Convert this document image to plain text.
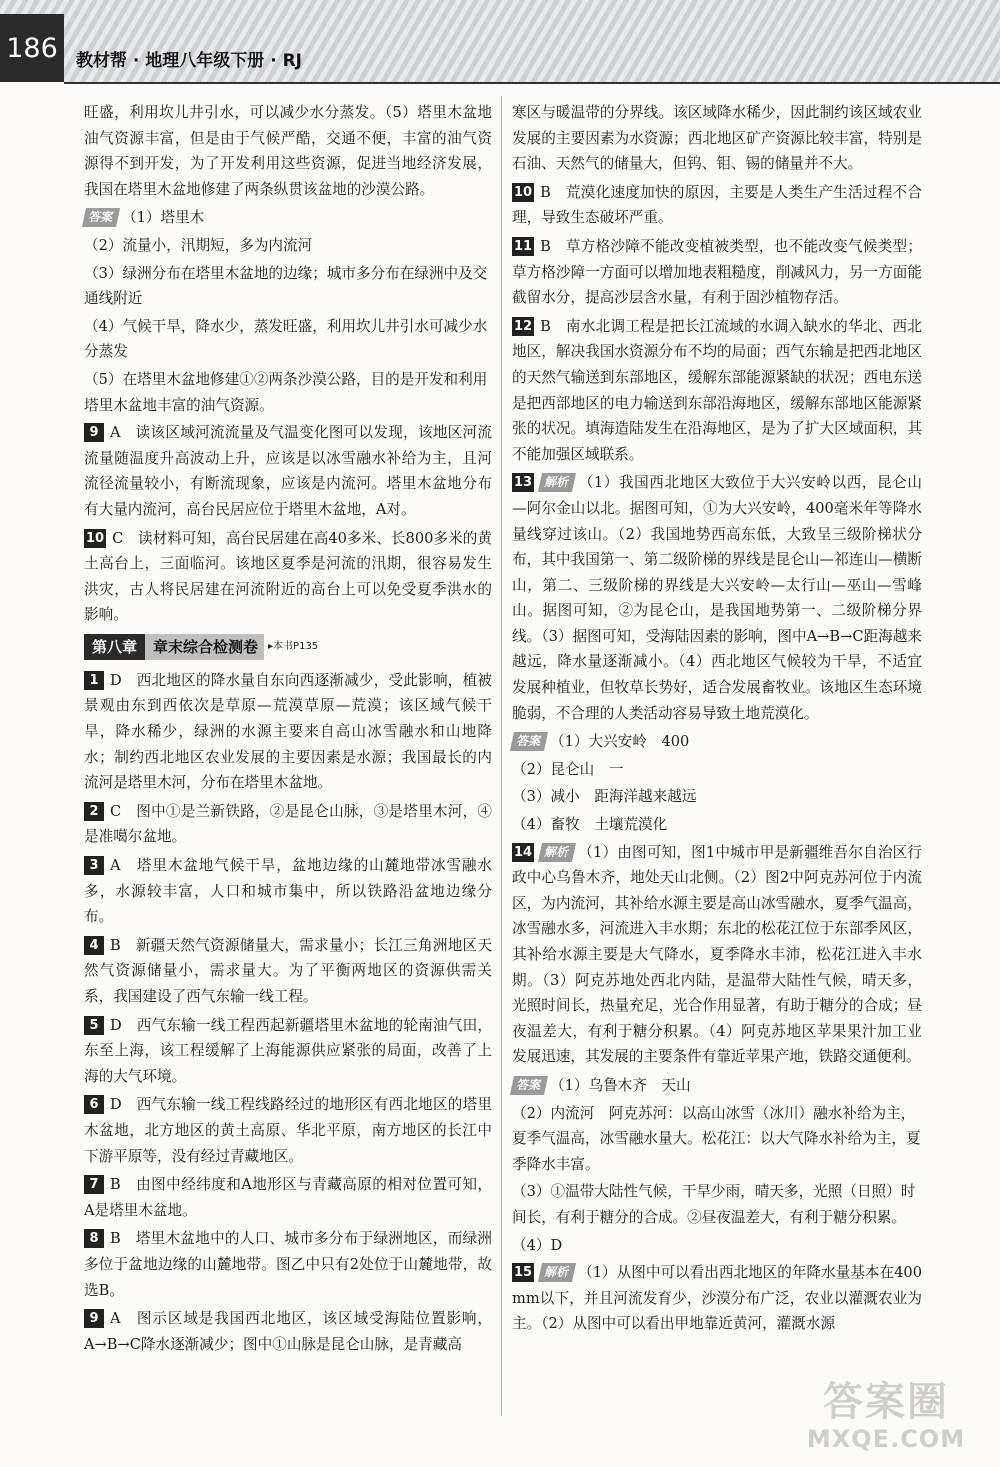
186	教材帮 · 地理八年级下册 · RJ

旺盛，利用坎儿井引水，可以减少水分蒸发。（5）塔里木盆地油气资源丰富，但是由于气候严酷，交通不便，丰富的油气资源得不到开发，为了开发利用这些资源，促进当地经济发展，我国在塔里木盆地修建了两条纵贯该盆地的沙漠公路。

答案 （1）塔里木

（2）流量小，汛期短，多为内流河

（3）绿洲分布在塔里木盆地的边缘；城市多分布在绿洲中及交通线附近

（4）气候干旱，降水少，蒸发旺盛，利用坎儿井引水可减少水分蒸发

（5）在塔里木盆地修建①②两条沙漠公路，目的是开发和利用塔里木盆地丰富的油气资源。

9 A　读该区域河流流量及气温变化图可以发现，该地区河流流量随温度升高波动上升，应该是以冰雪融水补给为主，且河流径流量较小，有断流现象，应该是内流河。塔里木盆地分布有大量内流河，高台民居应位于塔里木盆地，A对。

10 C　读材料可知，高台民居建在高40多米、长800多米的黄土高台上，三面临河。该地区夏季是河流的汛期，很容易发生洪灾，古人将民居建在河流附近的高台上可以免受夏季洪水的影响。

第八章	章末综合检测卷	▸本书P135

1 D　西北地区的降水量自东向西逐渐减少，受此影响，植被景观由东到西依次是草原—荒漠草原—荒漠；该区域气候干旱，降水稀少，绿洲的水源主要来自高山冰雪融水和山地降水；制约西北地区农业发展的主要因素是水源；我国最长的内流河是塔里木河，分布在塔里木盆地。

2 C　图中①是兰新铁路，②是昆仑山脉，③是塔里木河，④是准噶尔盆地。

3 A　塔里木盆地气候干旱，盆地边缘的山麓地带冰雪融水多，水源较丰富，人口和城市集中，所以铁路沿盆地边缘分布。

4 B　新疆天然气资源储量大，需求量小；长江三角洲地区天然气资源储量小，需求量大。为了平衡两地区的资源供需关系，我国建设了西气东输一线工程。

5 D　西气东输一线工程西起新疆塔里木盆地的轮南油气田，东至上海，该工程缓解了上海能源供应紧张的局面，改善了上海的大气环境。

6 D　西气东输一线工程线路经过的地形区有西北地区的塔里木盆地，北方地区的黄土高原、华北平原，南方地区的长江中下游平原等，没有经过青藏地区。

7 B　由图中经纬度和A地形区与青藏高原的相对位置可知，A是塔里木盆地。

8 B　塔里木盆地中的人口、城市多分布于绿洲地区，而绿洲多位于盆地边缘的山麓地带。图乙中只有2处位于山麓地带，故选B。

9 A　图示区域是我国西北地区，该区域受海陆位置影响，A→B→C降水逐渐减少；图中①山脉是昆仑山脉，是青藏高

寒区与暖温带的分界线。该区域降水稀少，因此制约该区域农业发展的主要因素为水资源；西北地区矿产资源比较丰富，特别是石油、天然气的储量大，但钨、钼、锡的储量并不大。

10 B　荒漠化速度加快的原因，主要是人类生产生活过程不合理，导致生态破坏严重。

11 B　草方格沙障不能改变植被类型，也不能改变气候类型；草方格沙障一方面可以增加地表粗糙度，削减风力，另一方面能截留水分，提高沙层含水量，有利于固沙植物存活。

12 B　南水北调工程是把长江流域的水调入缺水的华北、西北地区，解决我国水资源分布不均的局面；西气东输是把西北地区的天然气输送到东部地区，缓解东部能源紧缺的状况；西电东送是把西部地区的电力输送到东部沿海地区，缓解东部地区能源紧张的状况。填海造陆发生在沿海地区，是为了扩大区域面积，其不能加强区域联系。

13 解析 （1）我国西北地区大致位于大兴安岭以西，昆仑山—阿尔金山以北。据图可知，①为大兴安岭，400毫米年等降水量线穿过该山。（2）我国地势西高东低，大致呈三级阶梯状分布，其中我国第一、第二级阶梯的界线是昆仑山—祁连山—横断山，第二、三级阶梯的界线是大兴安岭—太行山—巫山—雪峰山。据图可知，②为昆仑山，是我国地势第一、二级阶梯分界线。（3）据图可知，受海陆因素的影响，图中A→B→C距海越来越远，降水量逐渐减小。（4）西北地区气候较为干旱，不适宜发展种植业，但牧草长势好，适合发展畜牧业。该地区生态环境脆弱，不合理的人类活动容易导致土地荒漠化。

答案 （1）大兴安岭　400

（2）昆仑山　一

（3）减小　距海洋越来越远

（4）畜牧　土壤荒漠化

14 解析 （1）由图可知，图1中城市甲是新疆维吾尔自治区行政中心乌鲁木齐，地处天山北侧。（2）图2中阿克苏河位于内流区，为内流河，其补给水源主要是高山冰雪融水，夏季气温高，冰雪融水多，河流进入丰水期；东北的松花江位于东部季风区，其补给水源主要是大气降水，夏季降水丰沛，松花江进入丰水期。（3）阿克苏地处西北内陆，是温带大陆性气候，晴天多，光照时间长，热量充足，光合作用显著，有助于糖分的合成；昼夜温差大，有利于糖分积累。（4）阿克苏地区苹果果汁加工业发展迅速，其发展的主要条件有靠近苹果产地，铁路交通便利。

答案 （1）乌鲁木齐　天山

（2）内流河　阿克苏河：以高山冰雪（冰川）融水补给为主，夏季气温高，冰雪融水量大。松花江：以大气降水补给为主，夏季降水丰富。

（3）①温带大陆性气候，干旱少雨，晴天多，光照（日照）时间长，有利于糖分的合成。②昼夜温差大，有利于糖分积累。

（4）D

15 解析 （1）从图中可以看出西北地区的年降水量基本在400 mm以下，并且河流发育少，沙漠分布广泛，农业以灌溉农业为主。（2）从图中可以看出甲地靠近黄河，灌溉水源

答案圈
MXQE.COM
